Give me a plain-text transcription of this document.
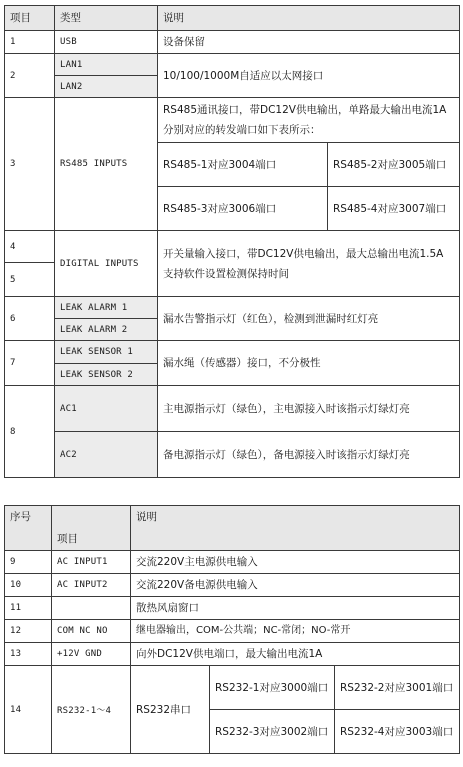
项目	类型	说明	
1	USB	设备保留	
2	LAN1	10/100/1000M自适应以太网接口	
	LAN2		
3	RS485 INPUTS	RS485通讯接口，带DC12V供电输出，单路最大输出电流1A分别对应的转发端口如下表所示：	
		RS485-1对应3004端口	RS485-2对应3005端口
		RS485-3对应3006端口	RS485-4对应3007端口
4	DIGITAL INPUTS	开关量输入接口，带DC12V供电输出，最大总输出电流1.5A
支持软件设置检测保持时间	

5			
6	LEAK ALARM 1	漏水告警指示灯（红色），检测到泄漏时红灯亮	
	LEAK ALARM 2		
7	LEAK SENSOR 1	漏水绳（传感器）接口，不分极性	
	LEAK SENSOR 2		
8	AC1	主电源指示灯（绿色），主电源接入时该指示灯绿灯亮	
	AC2	备电源指示灯（绿色），备电源接入时该指示灯绿灯亮	
序号	项目	说明		
9	AC INPUT1	交流220V主电源供电输入		
10	AC INPUT2	交流220V备电源供电输入		
11		散热风扇窗口		
12	COM NC NO	继电器输出，COM-公共端；NC-常闭；NO-常开		
13	+12V GND	向外DC12V供电端口，最大输出电流1A		
14	RS232-1～4	RS232串口	RS232-1对应3000端口	RS232-2对应3001端口
			RS232-3对应3002端口	RS232-4对应3003端口
